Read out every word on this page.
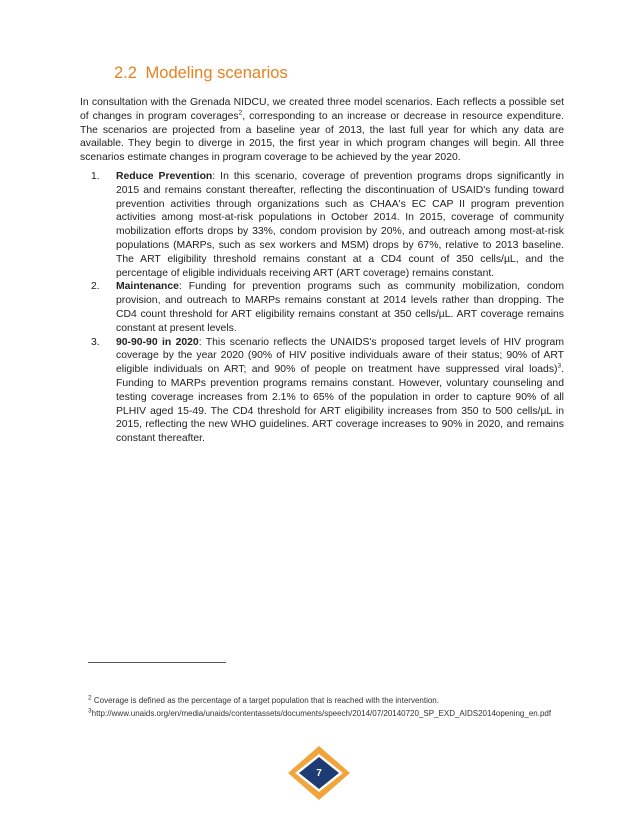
2.2 Modeling scenarios

In consultation with the Grenada NIDCU, we created three model scenarios. Each reflects a possible set of changes in program coverages$^2$, corresponding to an increase or decrease in resource expenditure. The scenarios are projected from a baseline year of 2013, the last full year for which any data are available. They begin to diverge in 2015, the first year in which program changes will begin. All three scenarios estimate changes in program coverage to be achieved by the year 2020.

1. Reduce Prevention: In this scenario, coverage of prevention programs drops significantly in 2015 and remains constant thereafter, reflecting the discontinuation of USAID's funding toward prevention activities through organizations such as CHAA's EC CAP II program prevention activities among most-at-risk populations in October 2014. In 2015, coverage of community mobilization efforts drops by 33%, condom provision by 20%, and outreach among most-at-risk populations (MARPs, such as sex workers and MSM) drops by 67%, relative to 2013 baseline. The ART eligibility threshold remains constant at a CD4 count of 350 cells/µL, and the percentage of eligible individuals receiving ART (ART coverage) remains constant.
2. Maintenance: Funding for prevention programs such as community mobilization, condom provision, and outreach to MARPs remains constant at 2014 levels rather than dropping. The CD4 count threshold for ART eligibility remains constant at 350 cells/µL. ART coverage remains constant at present levels.
3. 90-90-90 in 2020: This scenario reflects the UNAIDS's proposed target levels of HIV program coverage by the year 2020 (90% of HIV positive individuals aware of their status; 90% of ART eligible individuals on ART; and 90% of people on treatment have suppressed viral loads)$^3$. Funding to MARPs prevention programs remains constant. However, voluntary counseling and testing coverage increases from 2.1% to 65% of the population in order to capture 90% of all PLHIV aged 15-49. The CD4 threshold for ART eligibility increases from 350 to 500 cells/µL in 2015, reflecting the new WHO guidelines. ART coverage increases to 90% in 2020, and remains constant thereafter.

$^2$ Coverage is defined as the percentage of a target population that is reached with the intervention.

$^3$http://www.unaids.org/en/media/unaids/contentassets/documents/speech/2014/07/20140720_SP_EXD_AIDS2014opening_en.pdf

7
